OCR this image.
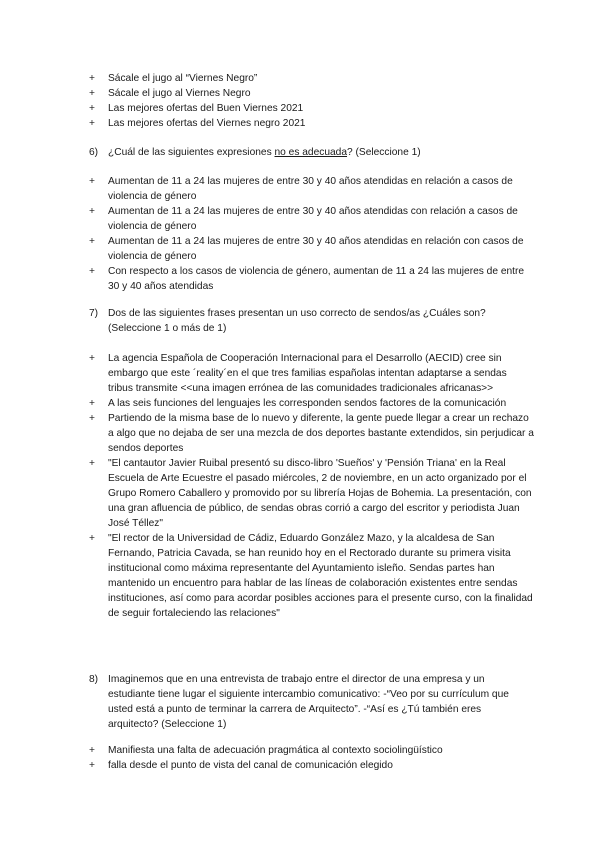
+ Sácale el jugo al “Viernes Negro”
+ Sácale el jugo al Viernes Negro
+ Las mejores ofertas del Buen Viernes 2021
+ Las mejores ofertas del Viernes negro 2021
6) ¿Cuál de las siguientes expresiones no es adecuada? (Seleccione 1)
+ Aumentan de 11 a 24 las mujeres de entre 30 y 40 años atendidas en relación a casos de violencia de género
+ Aumentan de 11 a 24 las mujeres de entre 30 y 40 años atendidas con relación a casos de violencia de género
+ Aumentan de 11 a 24 las mujeres de entre 30 y 40 años atendidas en relación con casos de violencia de género
+ Con respecto a los casos de violencia de género, aumentan de 11 a 24 las mujeres de entre 30 y 40 años atendidas
7) Dos de las siguientes frases presentan un uso correcto de sendos/as ¿Cuáles son? (Seleccione 1 o más de 1)
+ La agencia Española de Cooperación Internacional para el Desarrollo (AECID) cree sin embargo que este ´reality´en el que tres familias españolas intentan adaptarse a sendas tribus transmite <<una imagen errónea de las comunidades tradicionales africanas>>
+ A las seis funciones del lenguajes les corresponden sendos factores de la comunicación
+ Partiendo de la misma base de lo nuevo y diferente, la gente puede llegar a crear un rechazo a algo que no dejaba de ser una mezcla de dos deportes bastante extendidos, sin perjudicar a sendos deportes
+ "El cantautor Javier Ruibal presentó su disco-libro 'Sueños' y 'Pensión Triana' en la Real Escuela de Arte Ecuestre el pasado miércoles, 2 de noviembre, en un acto organizado por el Grupo Romero Caballero y promovido por su librería Hojas de Bohemia. La presentación, con una gran afluencia de público, de sendas obras corrió a cargo del escritor y periodista Juan José Téllez"
+ "El rector de la Universidad de Cádiz, Eduardo González Mazo, y la alcaldesa de San Fernando, Patricia Cavada, se han reunido hoy en el Rectorado durante su primera visita institucional como máxima representante del Ayuntamiento isleño. Sendas partes han mantenido un encuentro para hablar de las líneas de colaboración existentes entre sendas instituciones, así como para acordar posibles acciones para el presente curso, con la finalidad de seguir fortaleciendo las relaciones"
8) Imaginemos que en una entrevista de trabajo entre el director de una empresa y un estudiante tiene lugar el siguiente intercambio comunicativo: -“Veo por su currículum que usted está a punto de terminar la carrera de Arquitecto”. -“Así es ¿Tú también eres arquitecto? (Seleccione 1)
+ Manifiesta una falta de adecuación pragmática al contexto sociolingüístico
+ falla desde el punto de vista del canal de comunicación elegido
